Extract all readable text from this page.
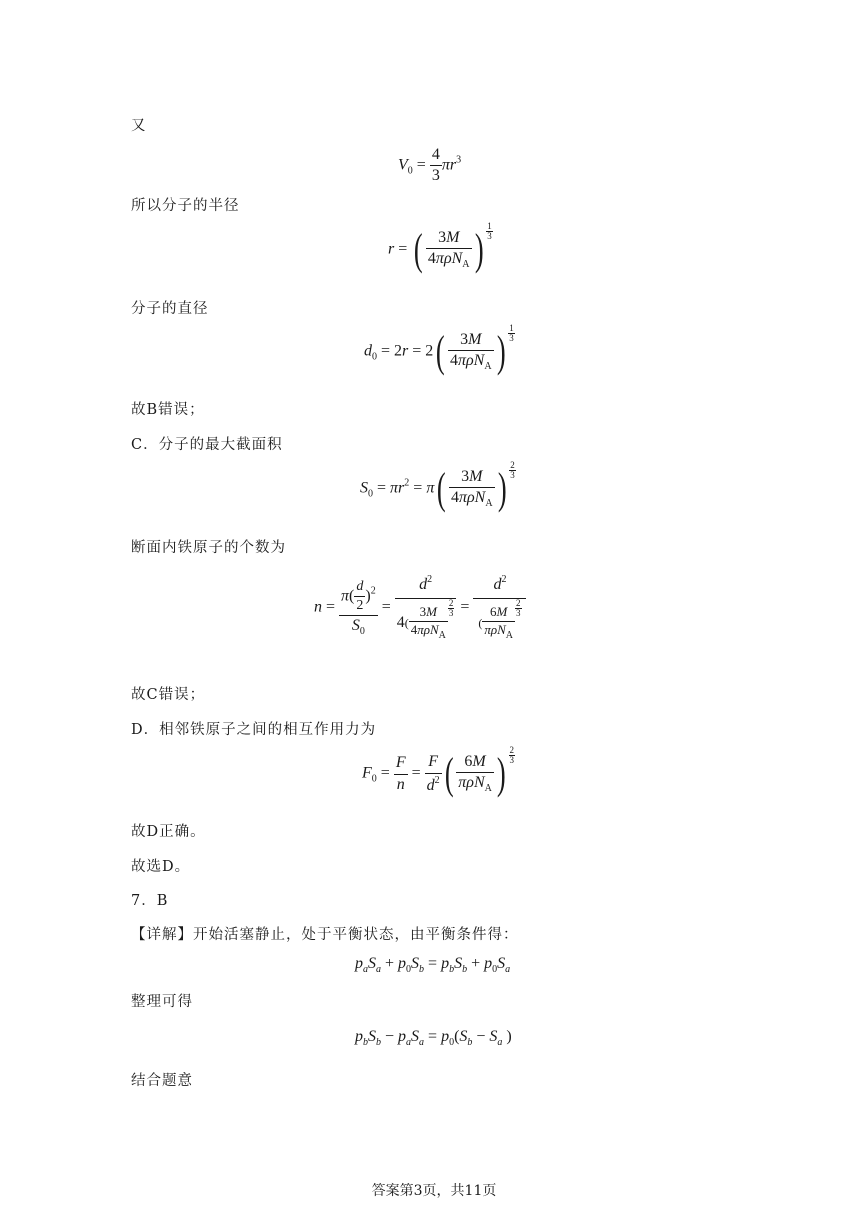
又
$V_0 = \frac{4}{3} \pi r^3$
所以分子的半径
r = ( $\frac{3M}{4\pi\rho N_A}$ ) $\frac{1}{3}$
分子的直径
$d_0 = 2r = 2( \frac{3M}{4\pi\rho N_A}$ ) $\frac{1}{3}$
故B错误；
C．分子的最大截面积
$S_0 = \pi r^2 = \pi( \frac{3M}{4\pi\rho N_A}$ ) $\frac{2}{3}$
断面内铁原子的个数为
$n = \frac{\pi( \frac{d}{2} )^2}{S_0} = \frac{d^2}{4( \frac{3M}{4\pi\rho N_A} \frac{2}{3}} = \frac{d^2}{( \frac{6M}{\pi\rho N_A} \frac{2}{3}}$
故C错误；
D．相邻铁原子之间的相互作用力为
$F_0 = \frac{F}{n} = \frac{F}{d^2}$ ( $\frac{6M}{\pi\rho N_A}$ ) $\frac{2}{3}$
故D正确。
故选D。
7．B
【详解】开始活塞静止，处于平衡状态，由平衡条件得：
$p_aS_a + p_0S_b = p_bS_b + p_0S_a$
整理可得
$p_bS_b - p_aS_a = p_0(S_b - S_a$ )
结合题意
答案第3页，共11页
